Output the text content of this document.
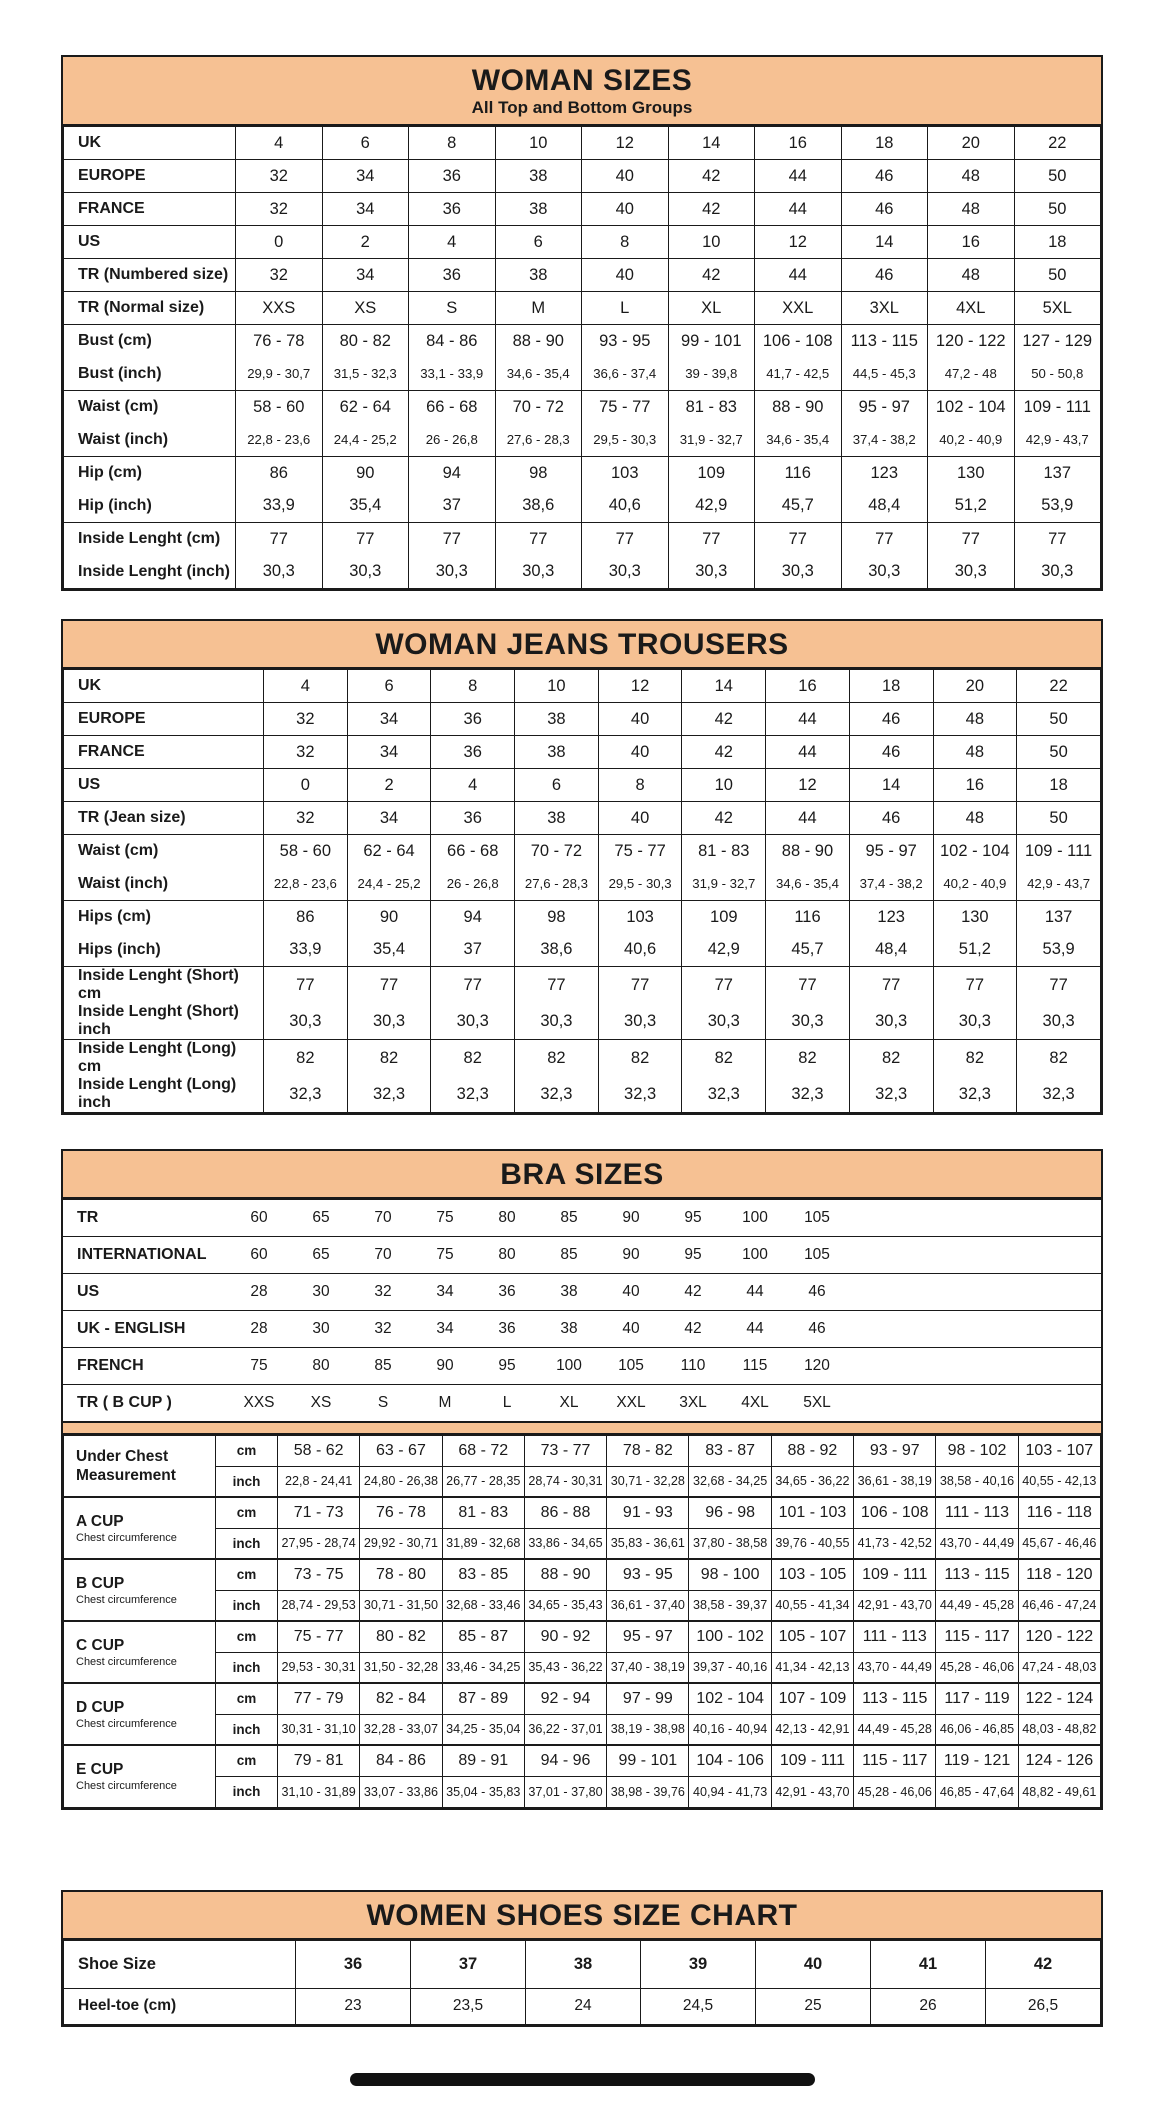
WOMAN SIZES
All Top and Bottom Groups
UK	4	6	8	10	12	14	16	18	20	22
EUROPE	32	34	36	38	40	42	44	46	48	50
FRANCE	32	34	36	38	40	42	44	46	48	50
US	0	2	4	6	8	10	12	14	16	18
TR (Numbered size)	32	34	36	38	40	42	44	46	48	50
TR (Normal size)	XXS	XS	S	M	L	XL	XXL	3XL	4XL	5XL
Bust (cm)	76 - 78	80 - 82	84 - 86	88 - 90	93 - 95	99 - 101	106 - 108	113 - 115	120 - 122	127 - 129
Bust (inch)	29,9 - 30,7	31,5 - 32,3	33,1 - 33,9	34,6 - 35,4	36,6 - 37,4	39 - 39,8	41,7 - 42,5	44,5 - 45,3	47,2 - 48	50 - 50,8
Waist (cm)	58 - 60	62 - 64	66 - 68	70 - 72	75 - 77	81 - 83	88 - 90	95 - 97	102 - 104	109 - 111
Waist (inch)	22,8 - 23,6	24,4 - 25,2	26 - 26,8	27,6 - 28,3	29,5 - 30,3	31,9 - 32,7	34,6 - 35,4	37,4 - 38,2	40,2 - 40,9	42,9 - 43,7
Hip (cm)	86	90	94	98	103	109	116	123	130	137
Hip (inch)	33,9	35,4	37	38,6	40,6	42,9	45,7	48,4	51,2	53,9
Inside Lenght (cm)	77	77	77	77	77	77	77	77	77	77
Inside Lenght (inch)	30,3	30,3	30,3	30,3	30,3	30,3	30,3	30,3	30,3	30,3
WOMAN JEANS TROUSERS
UK	4	6	8	10	12	14	16	18	20	22
EUROPE	32	34	36	38	40	42	44	46	48	50
FRANCE	32	34	36	38	40	42	44	46	48	50
US	0	2	4	6	8	10	12	14	16	18
TR (Jean size)	32	34	36	38	40	42	44	46	48	50
Waist (cm)	58 - 60	62 - 64	66 - 68	70 - 72	75 - 77	81 - 83	88 - 90	95 - 97	102 - 104	109 - 111
Waist (inch)	22,8 - 23,6	24,4 - 25,2	26 - 26,8	27,6 - 28,3	29,5 - 30,3	31,9 - 32,7	34,6 - 35,4	37,4 - 38,2	40,2 - 40,9	42,9 - 43,7
Hips (cm)	86	90	94	98	103	109	116	123	130	137
Hips (inch)	33,9	35,4	37	38,6	40,6	42,9	45,7	48,4	51,2	53,9
Inside Lenght (Short) cm	77	77	77	77	77	77	77	77	77	77
Inside Lenght (Short) inch	30,3	30,3	30,3	30,3	30,3	30,3	30,3	30,3	30,3	30,3
Inside Lenght (Long) cm	82	82	82	82	82	82	82	82	82	82
Inside Lenght (Long) inch	32,3	32,3	32,3	32,3	32,3	32,3	32,3	32,3	32,3	32,3
BRA SIZES
TR	60	65	70	75	80	85	90	95	100	105	
INTERNATIONAL	60	65	70	75	80	85	90	95	100	105	
US	28	30	32	34	36	38	40	42	44	46	
UK - ENGLISH	28	30	32	34	36	38	40	42	44	46	
FRENCH	75	80	85	90	95	100	105	110	115	120	
TR ( B CUP )	XXS	XS	S	M	L	XL	XXL	3XL	4XL	5XL	
Under Chest Measurement	cm	58 - 62	63 - 67	68 - 72	73 - 77	78 - 82	83 - 87	88 - 92	93 - 97	98 - 102	103 - 107
	inch	22,8 - 24,41	24,80 - 26,38	26,77 - 28,35	28,74 - 30,31	30,71 - 32,28	32,68 - 34,25	34,65 - 36,22	36,61 - 38,19	38,58 - 40,16	40,55 - 42,13

A CUP
Chest circumference	cm	71 - 73	76 - 78	81 - 83	86 - 88	91 - 93	96 - 98	101 - 103	106 - 108	111 - 113	116 - 118
	inch	27,95 - 28,74	29,92 - 30,71	31,89 - 32,68	33,86 - 34,65	35,83 - 36,61	37,80 - 38,58	39,76 - 40,55	41,73 - 42,52	43,70 - 44,49	45,67 - 46,46

B CUP
Chest circumference	cm	73 - 75	78 - 80	83 - 85	88 - 90	93 - 95	98 - 100	103 - 105	109 - 111	113 - 115	118 - 120
	inch	28,74 - 29,53	30,71 - 31,50	32,68 - 33,46	34,65 - 35,43	36,61 - 37,40	38,58 - 39,37	40,55 - 41,34	42,91 - 43,70	44,49 - 45,28	46,46 - 47,24

C CUP
Chest circumference	cm	75 - 77	80 - 82	85 - 87	90 - 92	95 - 97	100 - 102	105 - 107	111 - 113	115 - 117	120 - 122
	inch	29,53 - 30,31	31,50 - 32,28	33,46 - 34,25	35,43 - 36,22	37,40 - 38,19	39,37 - 40,16	41,34 - 42,13	43,70 - 44,49	45,28 - 46,06	47,24 - 48,03

D CUP
Chest circumference	cm	77 - 79	82 - 84	87 - 89	92 - 94	97 - 99	102 - 104	107 - 109	113 - 115	117 - 119	122 - 124
	inch	30,31 - 31,10	32,28 - 33,07	34,25 - 35,04	36,22 - 37,01	38,19 - 38,98	40,16 - 40,94	42,13 - 42,91	44,49 - 45,28	46,06 - 46,85	48,03 - 48,82

E CUP
Chest circumference	cm	79 - 81	84 - 86	89 - 91	94 - 96	99 - 101	104 - 106	109 - 111	115 - 117	119 - 121	124 - 126
	inch	31,10 - 31,89	33,07 - 33,86	35,04 - 35,83	37,01 - 37,80	38,98 - 39,76	40,94 - 41,73	42,91 - 43,70	45,28 - 46,06	46,85 - 47,64	48,82 - 49,61
WOMEN SHOES SIZE CHART
Shoe Size	36	37	38	39	40	41	42
Heel-toe (cm)	23	23,5	24	24,5	25	26	26,5
